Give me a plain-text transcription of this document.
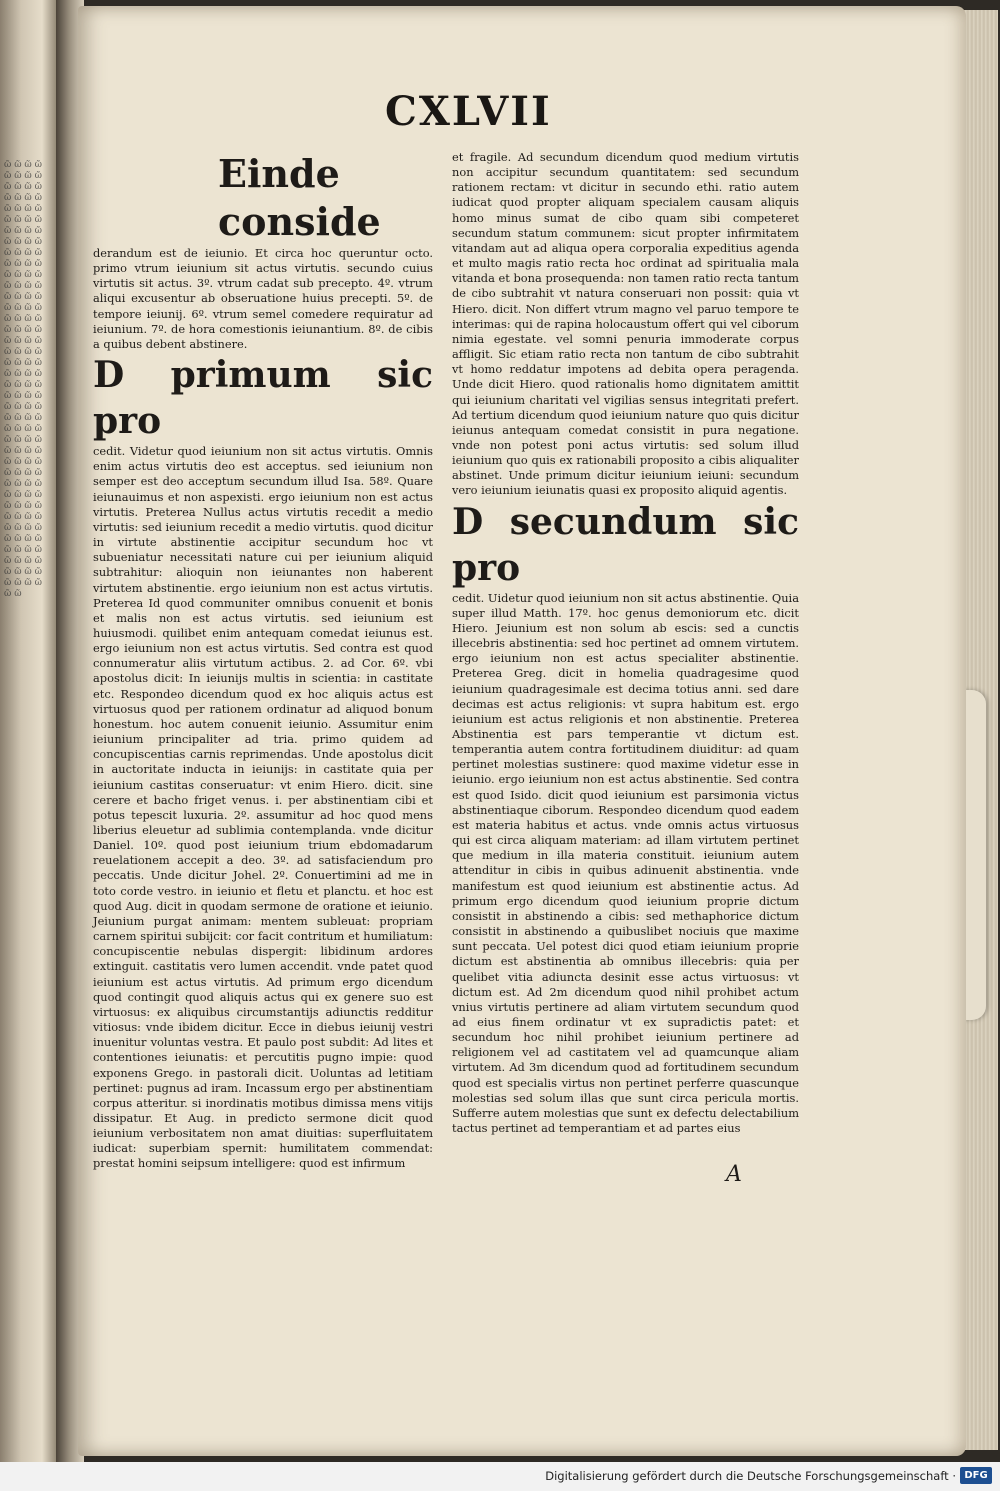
ῶ ῶ ῶ ῶ ῶ ῶ ῶ ῶ ῶ ῶ ῶ ῶ ῶ ῶ ῶ ῶ ῶ ῶ ῶ ῶ ῶ ῶ ῶ ῶ ῶ ῶ ῶ ῶ ῶ ῶ ῶ ῶ ῶ ῶ ῶ ῶ ῶ ῶ ῶ ῶ ῶ ῶ ῶ ῶ ῶ ῶ ῶ ῶ ῶ ῶ ῶ ῶ ῶ ῶ ῶ ῶ ῶ ῶ ῶ ῶ ῶ ῶ ῶ ῶ ῶ ῶ ῶ ῶ ῶ ῶ ῶ ῶ ῶ ῶ ῶ ῶ ῶ ῶ ῶ ῶ ῶ ῶ ῶ ῶ ῶ ῶ ῶ ῶ ῶ ῶ ῶ ῶ ῶ ῶ ῶ ῶ ῶ ῶ ῶ ῶ ῶ ῶ ῶ ῶ ῶ ῶ ῶ ῶ ῶ ῶ ῶ ῶ ῶ ῶ ῶ ῶ ῶ ῶ ῶ ῶ ῶ ῶ ῶ ῶ ῶ ῶ ῶ ῶ ῶ ῶ ῶ ῶ ῶ ῶ ῶ ῶ ῶ ῶ ῶ ῶ ῶ ῶ ῶ ῶ ῶ ῶ ῶ ῶ ῶ ῶ ῶ ῶ ῶ ῶ ῶ ῶ ῶ ῶ
CXLVII
Einde conside

derandum est de ieiunio. Et circa hoc queruntur octo. primo vtrum ieiunium sit actus virtutis. secundo cuius virtutis sit actus. 3º. vtrum cadat sub precepto. 4º. vtrum aliqui excusentur ab obseruatione huius precepti. 5º. de tempore ieiunij. 6º. vtrum semel comedere requiratur ad ieiunium. 7º. de hora comestionis ieiunantium. 8º. de cibis a quibus debent abstinere.

D primum sic pro

cedit. Videtur quod ieiunium non sit actus virtutis. Omnis enim actus virtutis deo est acceptus. sed ieiunium non semper est deo acceptum secundum illud Isa. 58º. Quare ieiunauimus et non aspexisti. ergo ieiunium non est actus virtutis. Preterea Nullus actus virtutis recedit a medio virtutis: sed ieiunium recedit a medio virtutis. quod dicitur in virtute abstinentie accipitur secundum hoc vt subueniatur necessitati nature cui per ieiunium aliquid subtrahitur: alioquin non ieiunantes non haberent virtutem abstinentie. ergo ieiunium non est actus virtutis. Preterea Id quod communiter omnibus conuenit et bonis et malis non est actus virtutis. sed ieiunium est huiusmodi. quilibet enim antequam comedat ieiunus est. ergo ieiunium non est actus virtutis. Sed contra est quod connumeratur aliis virtutum actibus. 2. ad Cor. 6º. vbi apostolus dicit: In ieiunijs multis in scientia: in castitate etc. Respondeo dicendum quod ex hoc aliquis actus est virtuosus quod per rationem ordinatur ad aliquod bonum honestum. hoc autem conuenit ieiunio. Assumitur enim ieiunium principaliter ad tria. primo quidem ad concupiscentias carnis reprimendas. Unde apostolus dicit in auctoritate inducta in ieiunijs: in castitate quia per ieiunium castitas conseruatur: vt enim Hiero. dicit. sine cerere et bacho friget venus. i. per abstinentiam cibi et potus tepescit luxuria. 2º. assumitur ad hoc quod mens liberius eleuetur ad sublimia contemplanda. vnde dicitur Daniel. 10º. quod post ieiunium trium ebdomadarum reuelationem accepit a deo. 3º. ad satisfaciendum pro peccatis. Unde dicitur Johel. 2º. Conuertimini ad me in toto corde vestro. in ieiunio et fletu et planctu. et hoc est quod Aug. dicit in quodam sermone de oratione et ieiunio. Jeiunium purgat animam: mentem subleuat: propriam carnem spiritui subijcit: cor facit contritum et humiliatum: concupiscentie nebulas dispergit: libidinum ardores extinguit. castitatis vero lumen accendit. vnde patet quod ieiunium est actus virtutis. Ad primum ergo dicendum quod contingit quod aliquis actus qui ex genere suo est virtuosus: ex aliquibus circumstantijs adiunctis redditur vitiosus: vnde ibidem dicitur. Ecce in diebus ieiunij vestri inuenitur voluntas vestra. Et paulo post subdit: Ad lites et contentiones ieiunatis: et percutitis pugno impie: quod exponens Grego. in pastorali dicit. Uoluntas ad letitiam pertinet: pugnus ad iram. Incassum ergo per abstinentiam corpus atteritur. si inordinatis motibus dimissa mens vitijs dissipatur. Et Aug. in predicto sermone dicit quod ieiunium verbositatem non amat diuitias: superfluitatem iudicat: superbiam spernit: humilitatem commendat: prestat homini seipsum intelligere: quod est infirmum

et fragile. Ad secundum dicendum quod medium virtutis non accipitur secundum quantitatem: sed secundum rationem rectam: vt dicitur in secundo ethi. ratio autem iudicat quod propter aliquam specialem causam aliquis homo minus sumat de cibo quam sibi competeret secundum statum communem: sicut propter infirmitatem vitandam aut ad aliqua opera corporalia expeditius agenda et multo magis ratio recta hoc ordinat ad spiritualia mala vitanda et bona prosequenda: non tamen ratio recta tantum de cibo subtrahit vt natura conseruari non possit: quia vt Hiero. dicit. Non differt vtrum magno vel paruo tempore te interimas: qui de rapina holocaustum offert qui vel ciborum nimia egestate. vel somni penuria immoderate corpus affligit. Sic etiam ratio recta non tantum de cibo subtrahit vt homo reddatur impotens ad debita opera peragenda. Unde dicit Hiero. quod rationalis homo dignitatem amittit qui ieiunium charitati vel vigilias sensus integritati prefert. Ad tertium dicendum quod ieiunium nature quo quis dicitur ieiunus antequam comedat consistit in pura negatione. vnde non potest poni actus virtutis: sed solum illud ieiunium quo quis ex rationabili proposito a cibis aliqualiter abstinet. Unde primum dicitur ieiunium ieiuni: secundum vero ieiunium ieiunatis quasi ex proposito aliquid agentis.

D secundum sic pro

cedit. Uidetur quod ieiunium non sit actus abstinentie. Quia super illud Matth. 17º. hoc genus demoniorum etc. dicit Hiero. Jeiunium est non solum ab escis: sed a cunctis illecebris abstinentia: sed hoc pertinet ad omnem virtutem. ergo ieiunium non est actus specialiter abstinentie. Preterea Greg. dicit in homelia quadragesime quod ieiunium quadragesimale est decima totius anni. sed dare decimas est actus religionis: vt supra habitum est. ergo ieiunium est actus religionis et non abstinentie. Preterea Abstinentia est pars temperantie vt dictum est. temperantia autem contra fortitudinem diuiditur: ad quam pertinet molestias sustinere: quod maxime videtur esse in ieiunio. ergo ieiunium non est actus abstinentie. Sed contra est quod Isido. dicit quod ieiunium est parsimonia victus abstinentiaque ciborum. Respondeo dicendum quod eadem est materia habitus et actus. vnde omnis actus virtuosus qui est circa aliquam materiam: ad illam virtutem pertinet que medium in illa materia constituit. ieiunium autem attenditur in cibis in quibus adinuenit abstinentia. vnde manifestum est quod ieiunium est abstinentie actus. Ad primum ergo dicendum quod ieiunium proprie dictum consistit in abstinendo a cibis: sed methaphorice dictum consistit in abstinendo a quibuslibet nociuis que maxime sunt peccata. Uel potest dici quod etiam ieiunium proprie dictum est abstinentia ab omnibus illecebris: quia per quelibet vitia adiuncta desinit esse actus virtuosus: vt dictum est. Ad 2m dicendum quod nihil prohibet actum vnius virtutis pertinere ad aliam virtutem secundum quod ad eius finem ordinatur vt ex supradictis patet: et secundum hoc nihil prohibet ieiunium pertinere ad religionem vel ad castitatem vel ad quamcunque aliam virtutem. Ad 3m dicendum quod ad fortitudinem secundum quod est specialis virtus non pertinet perferre quascunque molestias sed solum illas que sunt circa pericula mortis. Sufferre autem molestias que sunt ex defectu delectabilium tactus pertinet ad temperantiam et ad partes eius

A
Digitalisierung gefördert durch die Deutsche Forschungsgemeinschaft · DFG
